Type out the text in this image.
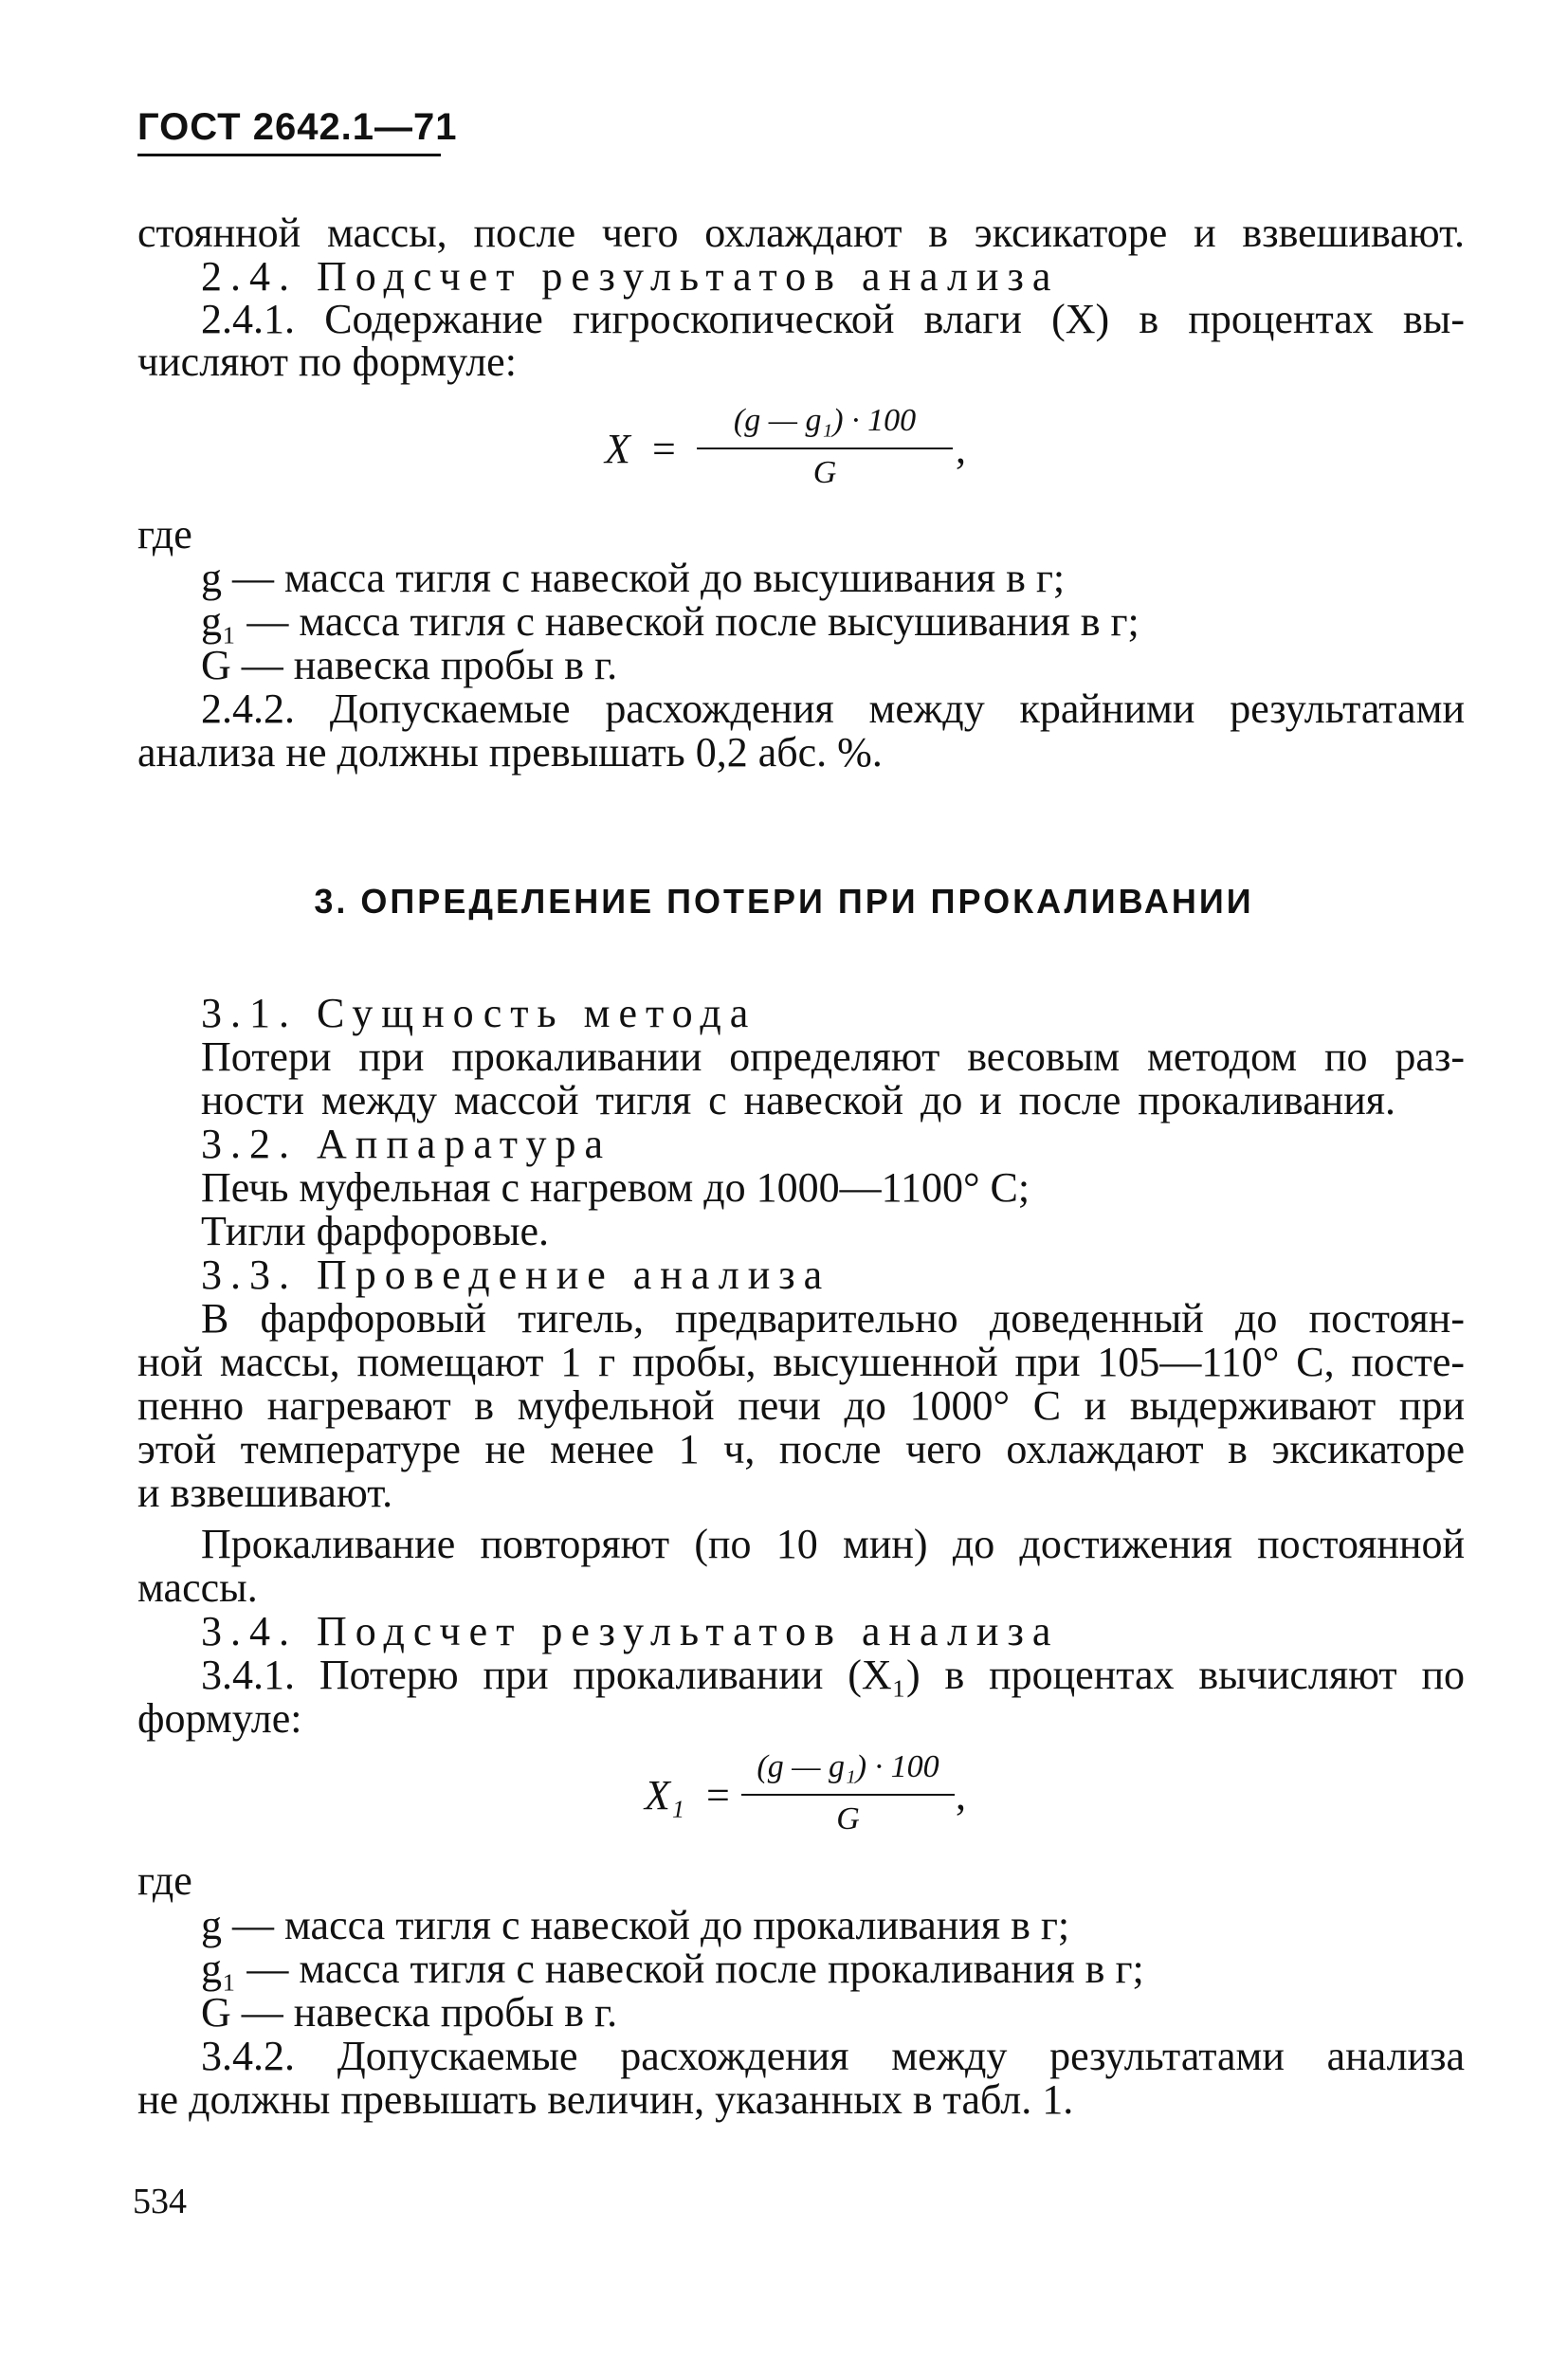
ГОСТ 2642.1—71
стоянной массы, после чего охлаждают в эксикаторе и взвешивают.
2.4. Подсчет результатов анализа
2.4.1. Содержание гигроскопической влаги (X) в процентах вы-
числяют по формуле:
X =
(g — g₁) · 100
G
,
где
g — масса тигля с навеской до высушивания в г;
g₁ — масса тигля с навеской после высушивания в г;
G — навеска пробы в г.
2.4.2. Допускаемые расхождения между крайними результатами
анализа не должны превышать 0,2 абс. %.
3. ОПРЕДЕЛЕНИЕ ПОТЕРИ ПРИ ПРОКАЛИВАНИИ
3.1. Сущность метода
Потери при прокаливании определяют весовым методом по раз-
ности между массой тигля с навеской до и после прокаливания.
3.2. Аппаратура
Печь муфельная с нагревом до 1000—1100° С;
Тигли фарфоровые.
3.3. Проведение анализа
В фарфоровый тигель, предварительно доведенный до постоян-
ной массы, помещают 1 г пробы, высушенной при 105—110° С, посте-
пенно нагревают в муфельной печи до 1000° С и выдерживают при
этой температуре не менее 1 ч, после чего охлаждают в эксикаторе
и взвешивают.
Прокаливание повторяют (по 10 мин) до достижения постоянной
массы.
3.4. Подсчет результатов анализа
3.4.1. Потерю при прокаливании (X₁) в процентах вычисляют по
формуле:
X₁ =
(g — g₁) · 100
G
,
где
g — масса тигля с навеской до прокаливания в г;
g₁ — масса тигля с навеской после прокаливания в г;
G — навеска пробы в г.
3.4.2. Допускаемые расхождения между результатами анализа
не должны превышать величин, указанных в табл. 1.
534
